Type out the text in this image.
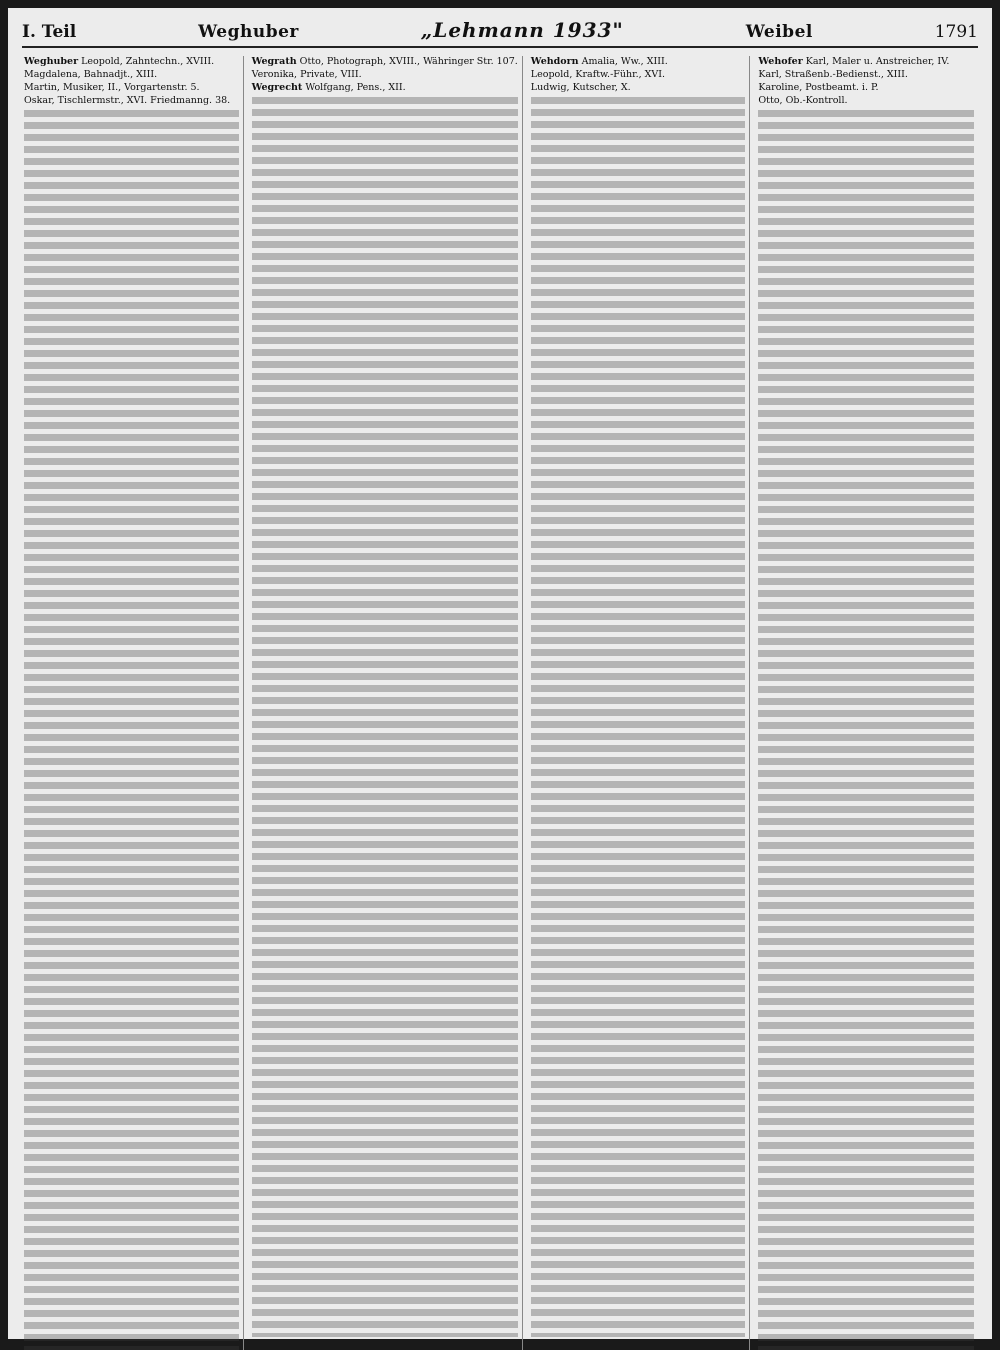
I. Teil	Weghuber	„Lehmann 1933"	Weibel	1791
Weghuber Leopold, Zahntechn., XVIII.
Magdalena, Bahnadjt., XIII.
Martin, Musiker, II., Vorgartenstr. 5.
Oskar, Tischlermstr., XVI. Friedmanng. 38.
Wegrath Otto, Photograph, XVIII., Währinger Str. 107.
Veronika, Private, VIII.
Wegrecht Wolfgang, Pens., XII.
Wehdorn Amalia, Ww., XIII.
Leopold, Kraftw.-Führ., XVI.
Ludwig, Kutscher, X.
Wehofer Karl, Maler u. Anstreicher, IV.
Karl, Straßenb.-Bedienst., XIII.
Karoline, Postbeamt. i. P.
Otto, Ob.-Kontroll.
